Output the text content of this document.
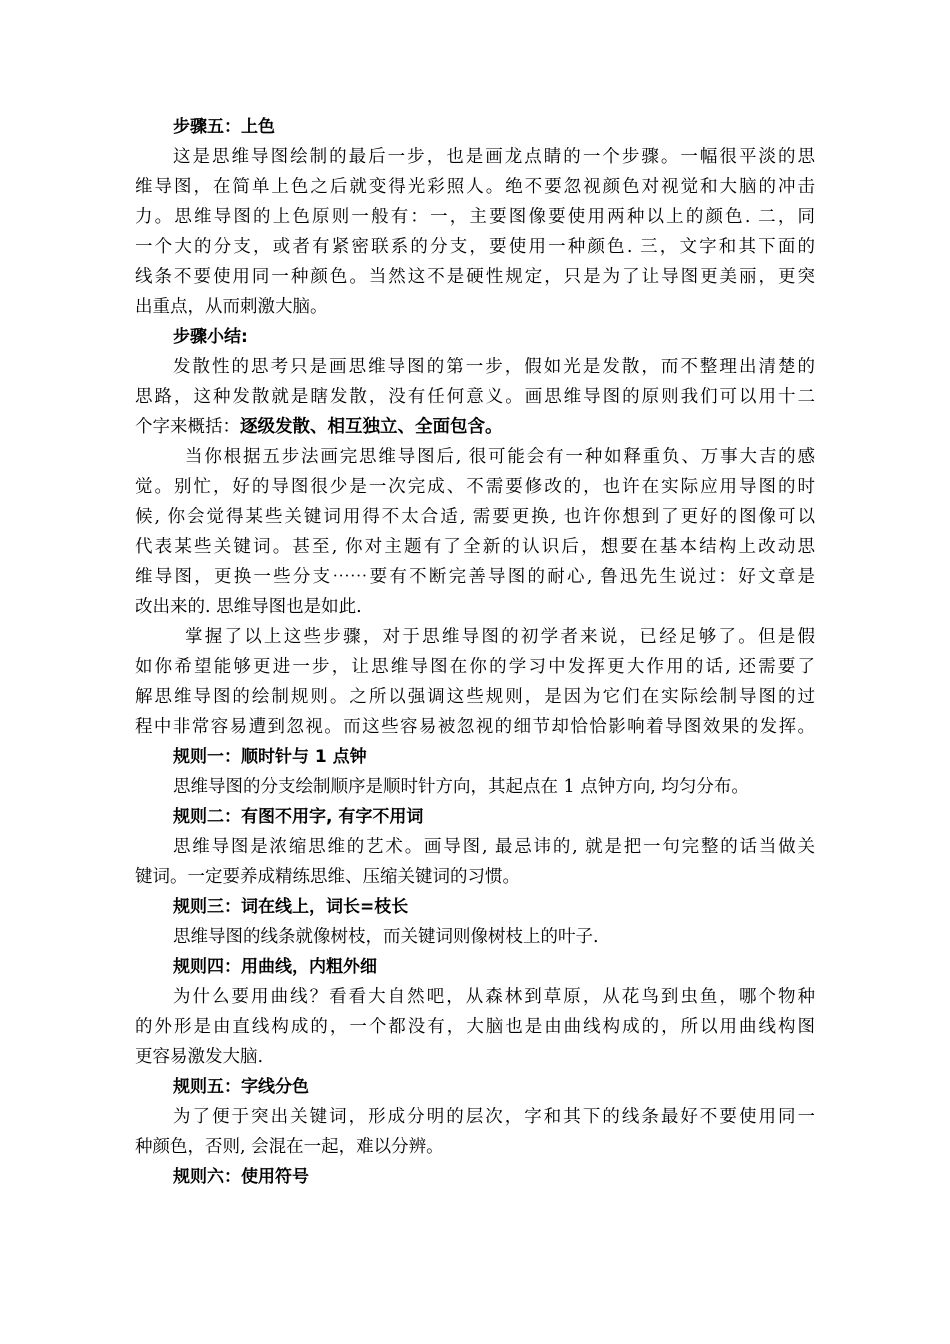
步骤五：上色
这是思维导图绘制的最后一步，也是画龙点睛的一个步骤。一幅很平淡的思
维导图，在简单上色之后就变得光彩照人。绝不要忽视颜色对视觉和大脑的冲击
力。思维导图的上色原则一般有：一，主要图像要使用两种以上的颜色. 二，同
一个大的分支，或者有紧密联系的分支，要使用一种颜色. 三，文字和其下面的
线条不要使用同一种颜色。当然这不是硬性规定，只是为了让导图更美丽，更突
出重点，从而刺激大脑。
步骤小结:
发散性的思考只是画思维导图的第一步，假如光是发散，而不整理出清楚的
思路，这种发散就是瞎发散，没有任何意义。画思维导图的原则我们可以用十二
个字来概括：逐级发散、相互独立、全面包含。
当你根据五步法画完思维导图后, 很可能会有一种如释重负、万事大吉的感
觉。别忙，好的导图很少是一次完成、不需要修改的，也许在实际应用导图的时
候, 你会觉得某些关键词用得不太合适, 需要更换, 也许你想到了更好的图像可以
代表某些关键词。甚至, 你对主题有了全新的认识后，想要在基本结构上改动思
维导图，更换一些分支⋯⋯要有不断完善导图的耐心, 鲁迅先生说过：好文章是
改出来的. 思维导图也是如此.
掌握了以上这些步骤，对于思维导图的初学者来说，已经足够了。但是假
如你希望能够更进一步，让思维导图在你的学习中发挥更大作用的话, 还需要了
解思维导图的绘制规则。之所以强调这些规则，是因为它们在实际绘制导图的过
程中非常容易遭到忽视。而这些容易被忽视的细节却恰恰影响着导图效果的发挥。
规则一：顺时针与 1 点钟
思维导图的分支绘制顺序是顺时针方向，其起点在 1 点钟方向, 均匀分布。
规则二：有图不用字, 有字不用词
思维导图是浓缩思维的艺术。画导图, 最忌讳的, 就是把一句完整的话当做关
键词。一定要养成精练思维、压缩关键词的习惯。
规则三：词在线上，词长=枝长
思维导图的线条就像树枝，而关键词则像树枝上的叶子.
规则四：用曲线，内粗外细
为什么要用曲线？看看大自然吧，从森林到草原，从花鸟到虫鱼，哪个物种
的外形是由直线构成的，一个都没有，大脑也是由曲线构成的，所以用曲线构图
更容易激发大脑.
规则五：字线分色
为了便于突出关键词，形成分明的层次，字和其下的线条最好不要使用同一
种颜色，否则, 会混在一起，难以分辨。
规则六：使用符号
